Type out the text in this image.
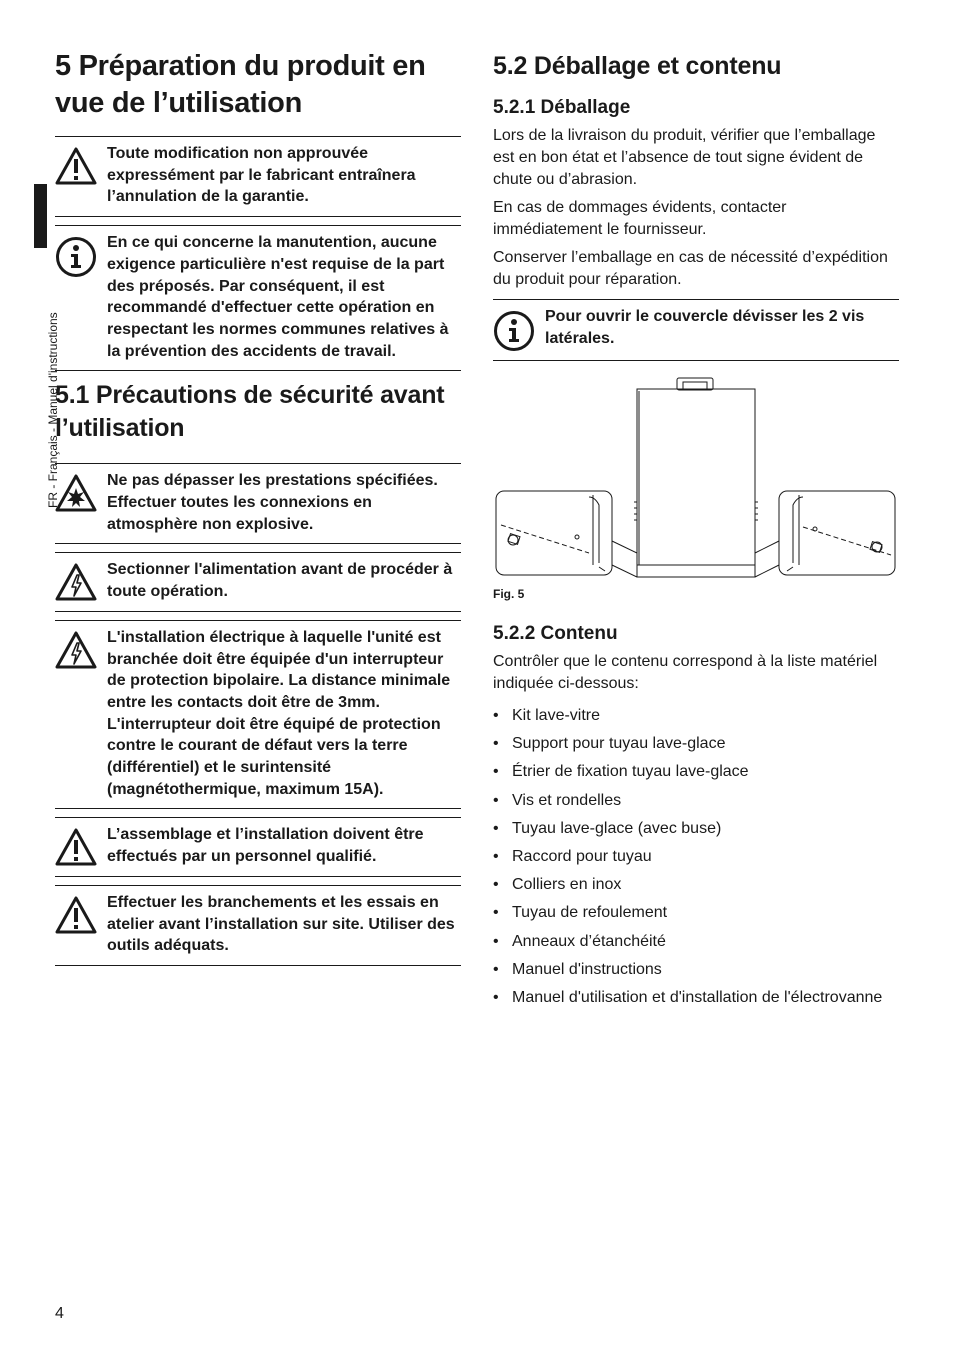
FR - Français - Manuel d'instructions
5 Préparation du produit en vue de l’utilisation
Toute modification non approuvée expressément par le fabricant entraînera l’annulation de la garantie.
En ce qui concerne la manutention, aucune exigence particulière n'est requise de la part des préposés. Par conséquent, il est recommandé d'effectuer cette opération en respectant les normes communes relatives à la prévention des accidents de travail.
5.1 Précautions de sécurité avant l’utilisation
Ne pas dépasser les prestations spécifiées. Effectuer toutes les connexions en atmosphère non explosive.
Sectionner l'alimentation avant de procéder à toute opération.
L'installation électrique à laquelle l'unité est branchée doit être équipée d'un interrupteur de protection bipolaire. La distance minimale entre les contacts doit être de 3mm. L'interrupteur doit être équipé de protection contre le courant de défaut vers la terre (différentiel) et le surintensité (magnétothermique, maximum 15A).
L’assemblage et l’installation doivent être effectués par un personnel qualifié.
Effectuer les branchements et les essais en atelier avant l’installation sur site. Utiliser des outils adéquats.
5.2 Déballage et contenu
5.2.1 Déballage

Lors de la livraison du produit, vérifier que l’emballage est en bon état et l’absence de tout signe évident de chute ou d’abrasion.

En cas de dommages évidents, contacter immédiatement le fournisseur.

Conserver l’emballage en cas de nécessité d’expédition du produit pour réparation.

Pour ouvrir le couvercle dévisser les 2 vis latérales.
Fig. 5
5.2.2 Contenu

Contrôler que le contenu correspond à la liste matériel indiquée ci-dessous:

• Kit lave-vitre
• Support pour tuyau lave-glace
• Étrier de fixation tuyau lave-glace
• Vis et rondelles
• Tuyau lave-glace (avec buse)
• Raccord pour tuyau
• Colliers en inox
• Tuyau de refoulement
• Anneaux d’étanchéité
• Manuel d'instructions
• Manuel d'utilisation et d'installation de l'électrovanne
4
